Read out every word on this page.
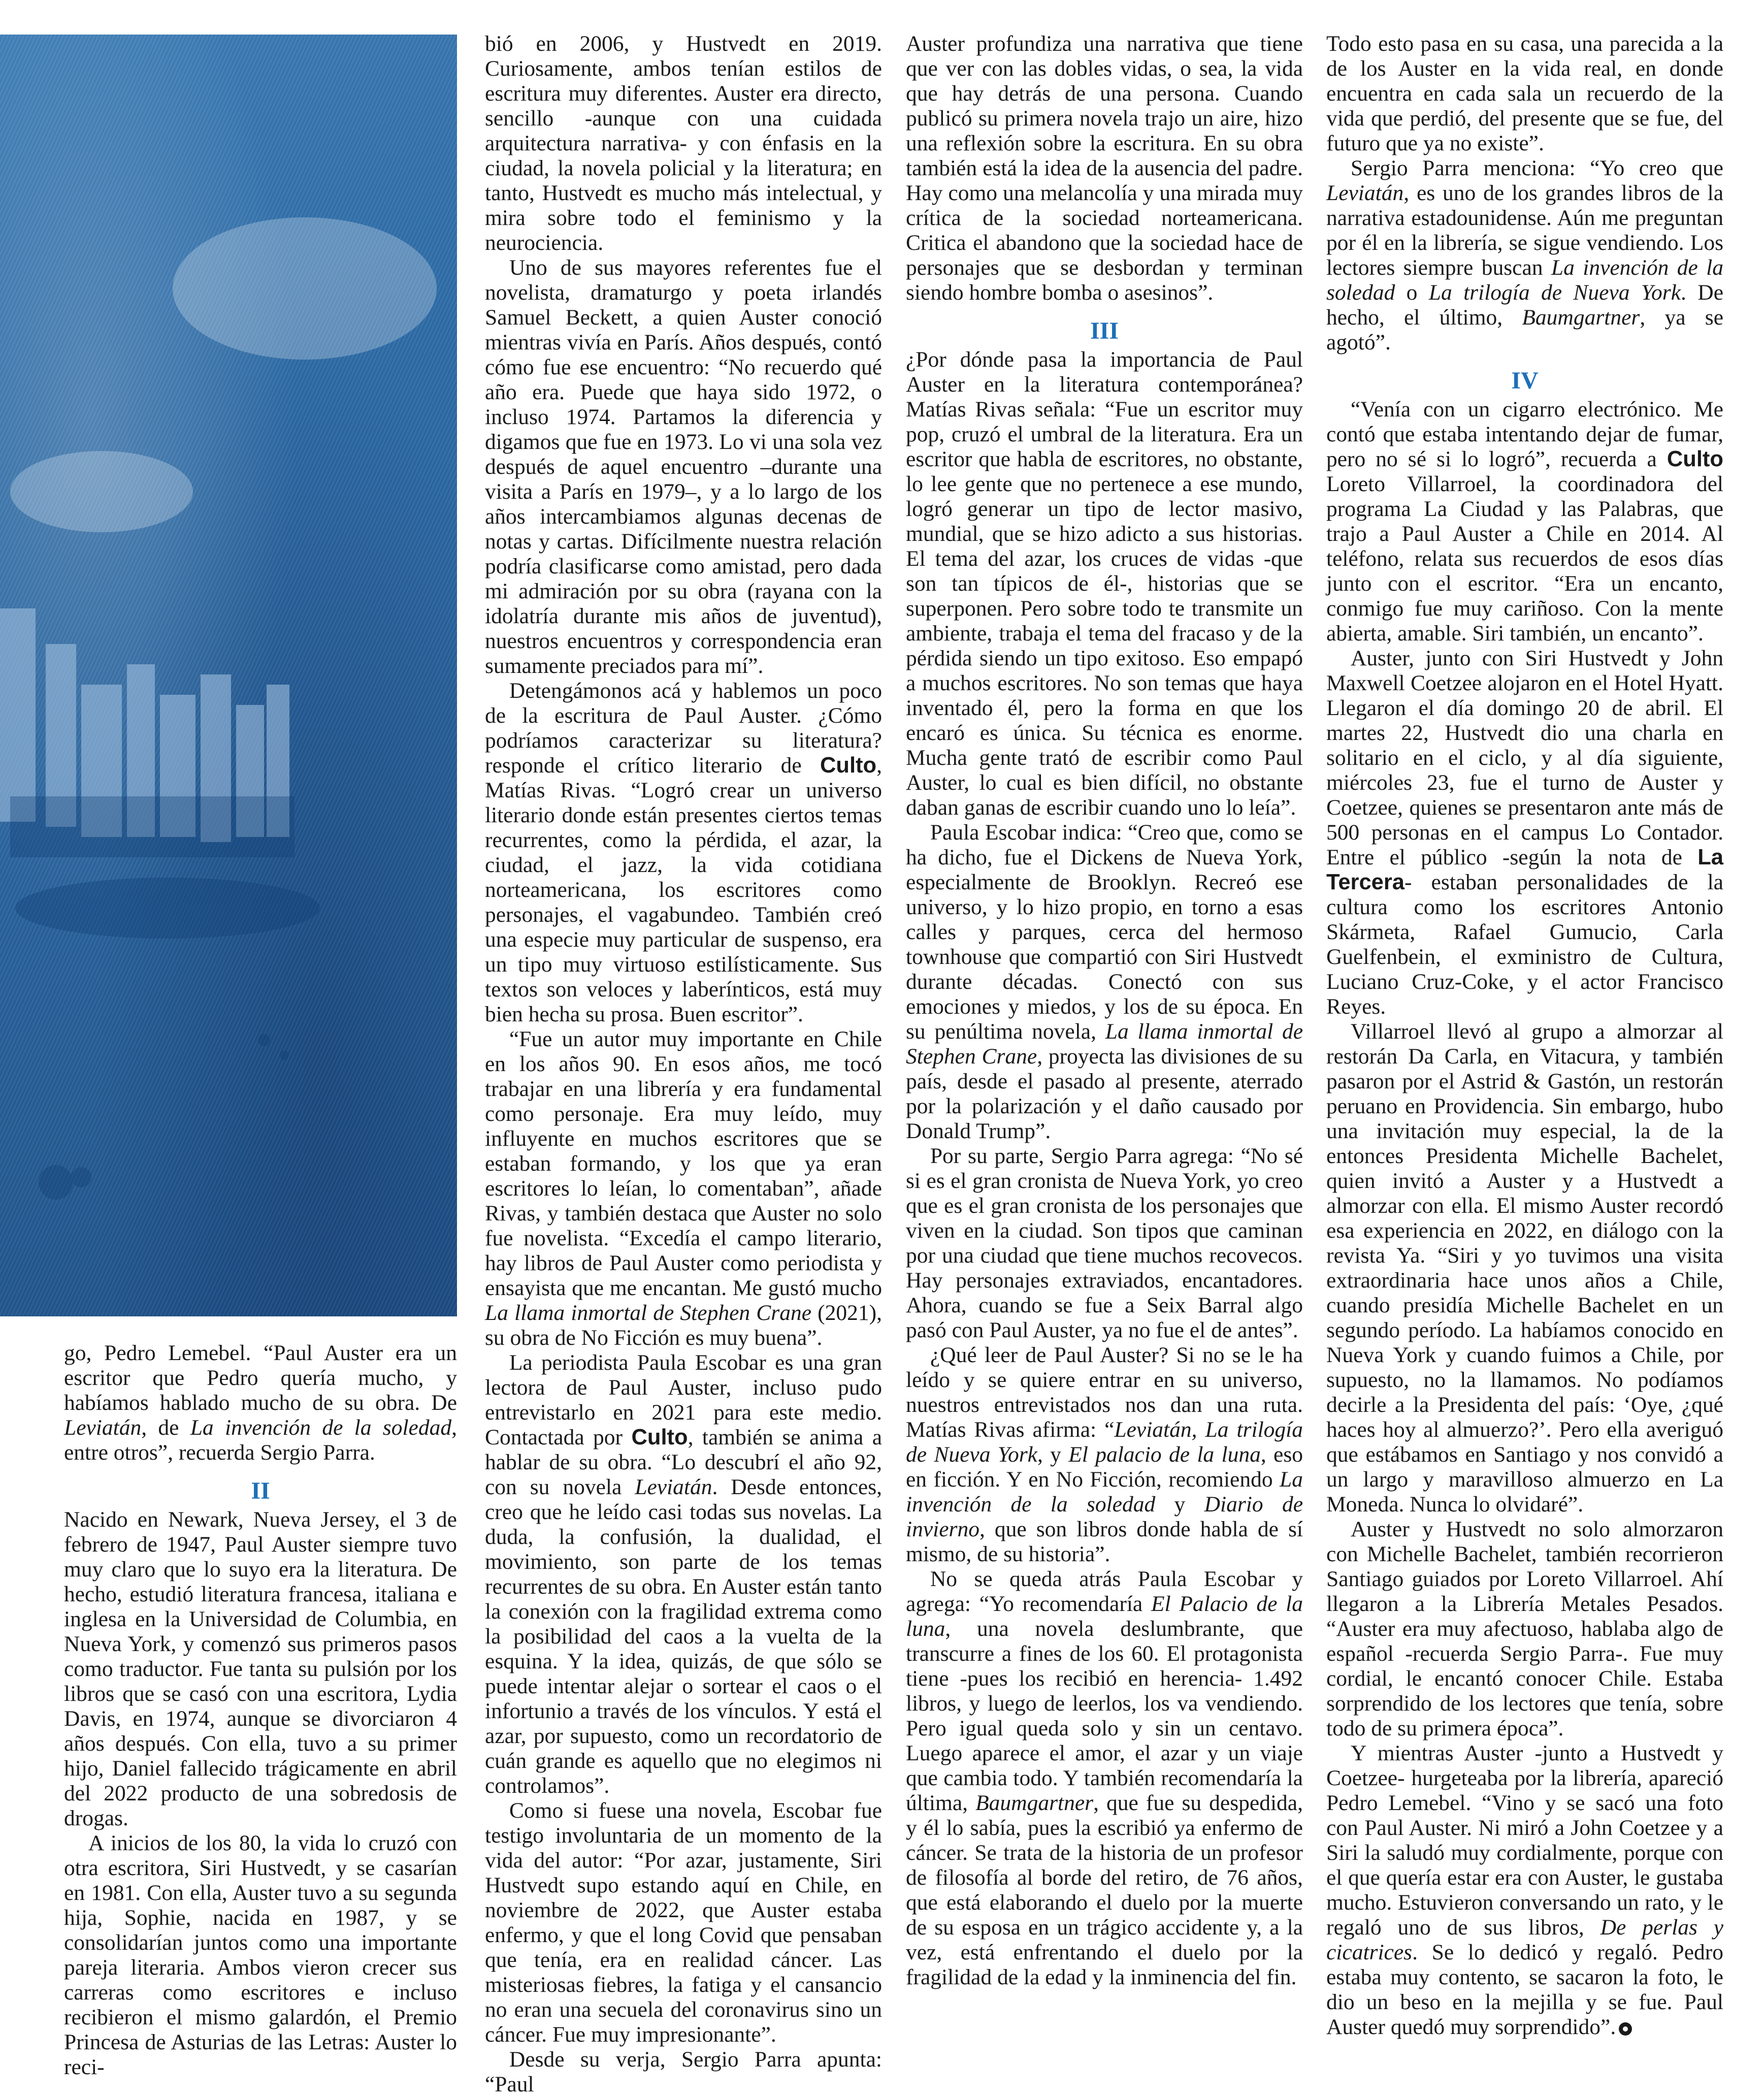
go, Pedro Lemebel. “Paul Auster era un escritor que Pedro quería mucho, y habíamos hablado mucho de su obra. De Leviatán, de La invención de la soledad, entre otros”, recuerda Sergio Parra.

II

Nacido en Newark, Nueva Jersey, el 3 de febrero de 1947, Paul Auster siempre tuvo muy claro que lo suyo era la literatura. De hecho, estudió literatura francesa, italiana e inglesa en la Universidad de Columbia, en Nueva York, y comenzó sus primeros pasos como traductor. Fue tanta su pulsión por los libros que se casó con una escritora, Lydia Davis, en 1974, aunque se divorciaron 4 años después. Con ella, tuvo a su primer hijo, Daniel fallecido trágicamente en abril del 2022 producto de una sobredosis de drogas.

A inicios de los 80, la vida lo cruzó con otra escritora, Siri Hustvedt, y se casarían en 1981. Con ella, Auster tuvo a su segunda hija, Sophie, nacida en 1987, y se consolidarían juntos como una importante pareja literaria. Ambos vieron crecer sus carreras como escritores e incluso recibieron el mismo galardón, el Premio Princesa de Asturias de las Letras: Auster lo reci-

bió en 2006, y Hustvedt en 2019. Curiosamente, ambos tenían estilos de escritura muy diferentes. Auster era directo, sencillo -aunque con una cuidada arquitectura narrativa- y con énfasis en la ciudad, la novela policial y la literatura; en tanto, Hustvedt es mucho más intelectual, y mira sobre todo el feminismo y la neurociencia.

Uno de sus mayores referentes fue el novelista, dramaturgo y poeta irlandés Samuel Beckett, a quien Auster conoció mientras vivía en París. Años después, contó cómo fue ese encuentro: “No recuerdo qué año era. Puede que haya sido 1972, o incluso 1974. Partamos la diferencia y digamos que fue en 1973. Lo vi una sola vez después de aquel encuentro –durante una visita a París en 1979–, y a lo largo de los años intercambiamos algunas decenas de notas y cartas. Difícilmente nuestra relación podría clasificarse como amistad, pero dada mi admiración por su obra (rayana con la idolatría durante mis años de juventud), nuestros encuentros y correspondencia eran sumamente preciados para mí”.

Detengámonos acá y hablemos un poco de la escritura de Paul Auster. ¿Cómo podríamos caracterizar su literatura? responde el crítico literario de Culto, Matías Rivas. “Logró crear un universo literario donde están presentes ciertos temas recurrentes, como la pérdida, el azar, la ciudad, el jazz, la vida cotidiana norteamericana, los escritores como personajes, el vagabundeo. También creó una especie muy particular de suspenso, era un tipo muy virtuoso estilísticamente. Sus textos son veloces y laberínticos, está muy bien hecha su prosa. Buen escritor”.

“Fue un autor muy importante en Chile en los años 90. En esos años, me tocó trabajar en una librería y era fundamental como personaje. Era muy leído, muy influyente en muchos escritores que se estaban formando, y los que ya eran escritores lo leían, lo comentaban”, añade Rivas, y también destaca que Auster no solo fue novelista. “Excedía el campo literario, hay libros de Paul Auster como periodista y ensayista que me encantan. Me gustó mucho La llama inmortal de Stephen Crane (2021), su obra de No Ficción es muy buena”.

La periodista Paula Escobar es una gran lectora de Paul Auster, incluso pudo entrevistarlo en 2021 para este medio. Contactada por Culto, también se anima a hablar de su obra. “Lo descubrí el año 92, con su novela Leviatán. Desde entonces, creo que he leído casi todas sus novelas. La duda, la confusión, la dualidad, el movimiento, son parte de los temas recurrentes de su obra. En Auster están tanto la conexión con la fragilidad extrema como la posibilidad del caos a la vuelta de la esquina. Y la idea, quizás, de que sólo se puede intentar alejar o sortear el caos o el infortunio a través de los vínculos. Y está el azar, por supuesto, como un recordatorio de cuán grande es aquello que no elegimos ni controlamos”.

Como si fuese una novela, Escobar fue testigo involuntaria de un momento de la vida del autor: “Por azar, justamente, Siri Hustvedt supo estando aquí en Chile, en noviembre de 2022, que Auster estaba enfermo, y que el long Covid que pensaban que tenía, era en realidad cáncer. Las misteriosas fiebres, la fatiga y el cansancio no eran una secuela del coronavirus sino un cáncer. Fue muy impresionante”.

Desde su verja, Sergio Parra apunta: “Paul

Auster profundiza una narrativa que tiene que ver con las dobles vidas, o sea, la vida que hay detrás de una persona. Cuando publicó su primera novela trajo un aire, hizo una reflexión sobre la escritura. En su obra también está la idea de la ausencia del padre. Hay como una melancolía y una mirada muy crítica de la sociedad norteamericana. Critica el abandono que la sociedad hace de personajes que se desbordan y terminan siendo hombre bomba o asesinos”.

III

¿Por dónde pasa la importancia de Paul Auster en la literatura contemporánea? Matías Rivas señala: “Fue un escritor muy pop, cruzó el umbral de la literatura. Era un escritor que habla de escritores, no obstante, lo lee gente que no pertenece a ese mundo, logró generar un tipo de lector masivo, mundial, que se hizo adicto a sus historias. El tema del azar, los cruces de vidas -que son tan típicos de él-, historias que se superponen. Pero sobre todo te transmite un ambiente, trabaja el tema del fracaso y de la pérdida siendo un tipo exitoso. Eso empapó a muchos escritores. No son temas que haya inventado él, pero la forma en que los encaró es única. Su técnica es enorme. Mucha gente trató de escribir como Paul Auster, lo cual es bien difícil, no obstante daban ganas de escribir cuando uno lo leía”.

Paula Escobar indica: “Creo que, como se ha dicho, fue el Dickens de Nueva York, especialmente de Brooklyn. Recreó ese universo, y lo hizo propio, en torno a esas calles y parques, cerca del hermoso townhouse que compartió con Siri Hustvedt durante décadas. Conectó con sus emociones y miedos, y los de su época. En su penúltima novela, La llama inmortal de Stephen Crane, proyecta las divisiones de su país, desde el pasado al presente, aterrado por la polarización y el daño causado por Donald Trump”.

Por su parte, Sergio Parra agrega: “No sé si es el gran cronista de Nueva York, yo creo que es el gran cronista de los personajes que viven en la ciudad. Son tipos que caminan por una ciudad que tiene muchos recovecos. Hay personajes extraviados, encantadores. Ahora, cuando se fue a Seix Barral algo pasó con Paul Auster, ya no fue el de antes”.

¿Qué leer de Paul Auster? Si no se le ha leído y se quiere entrar en su universo, nuestros entrevistados nos dan una ruta. Matías Rivas afirma: “Leviatán, La trilogía de Nueva York, y El palacio de la luna, eso en ficción. Y en No Ficción, recomiendo La invención de la soledad y Diario de invierno, que son libros donde habla de sí mismo, de su historia”.

No se queda atrás Paula Escobar y agrega: “Yo recomendaría El Palacio de la luna, una novela deslumbrante, que transcurre a fines de los 60. El protagonista tiene -pues los recibió en herencia- 1.492 libros, y luego de leerlos, los va vendiendo. Pero igual queda solo y sin un centavo. Luego aparece el amor, el azar y un viaje que cambia todo. Y también recomendaría la última, Baumgartner, que fue su despedida, y él lo sabía, pues la escribió ya enfermo de cáncer. Se trata de la historia de un profesor de filosofía al borde del retiro, de 76 años, que está elaborando el duelo por la muerte de su esposa en un trágico accidente y, a la vez, está enfrentando el duelo por la fragilidad de la edad y la inminencia del fin.

Todo esto pasa en su casa, una parecida a la de los Auster en la vida real, en donde encuentra en cada sala un recuerdo de la vida que perdió, del presente que se fue, del futuro que ya no existe”.

Sergio Parra menciona: “Yo creo que Leviatán, es uno de los grandes libros de la narrativa estadounidense. Aún me preguntan por él en la librería, se sigue vendiendo. Los lectores siempre buscan La invención de la soledad o La trilogía de Nueva York. De hecho, el último, Baumgartner, ya se agotó”.

IV

“Venía con un cigarro electrónico. Me contó que estaba intentando dejar de fumar, pero no sé si lo logró”, recuerda a Culto Loreto Villarroel, la coordinadora del programa La Ciudad y las Palabras, que trajo a Paul Auster a Chile en 2014. Al teléfono, relata sus recuerdos de esos días junto con el escritor. “Era un encanto, conmigo fue muy cariñoso. Con la mente abierta, amable. Siri también, un encanto”.

Auster, junto con Siri Hustvedt y John Maxwell Coetzee alojaron en el Hotel Hyatt. Llegaron el día domingo 20 de abril. El martes 22, Hustvedt dio una charla en solitario en el ciclo, y al día siguiente, miércoles 23, fue el turno de Auster y Coetzee, quienes se presentaron ante más de 500 personas en el campus Lo Contador. Entre el público -según la nota de La Tercera- estaban personalidades de la cultura como los escritores Antonio Skármeta, Rafael Gumucio, Carla Guelfenbein, el exministro de Cultura, Luciano Cruz-Coke, y el actor Francisco Reyes.

Villarroel llevó al grupo a almorzar al restorán Da Carla, en Vitacura, y también pasaron por el Astrid & Gastón, un restorán peruano en Providencia. Sin embargo, hubo una invitación muy especial, la de la entonces Presidenta Michelle Bachelet, quien invitó a Auster y a Hustvedt a almorzar con ella. El mismo Auster recordó esa experiencia en 2022, en diálogo con la revista Ya. “Siri y yo tuvimos una visita extraordinaria hace unos años a Chile, cuando presidía Michelle Bachelet en un segundo período. La habíamos conocido en Nueva York y cuando fuimos a Chile, por supuesto, no la llamamos. No podíamos decirle a la Presidenta del país: ‘Oye, ¿qué haces hoy al almuerzo?’. Pero ella averiguó que estábamos en Santiago y nos convidó a un largo y maravilloso almuerzo en La Moneda. Nunca lo olvidaré”.

Auster y Hustvedt no solo almorzaron con Michelle Bachelet, también recorrieron Santiago guiados por Loreto Villarroel. Ahí llegaron a la Librería Metales Pesados. “Auster era muy afectuoso, hablaba algo de español -recuerda Sergio Parra-. Fue muy cordial, le encantó conocer Chile. Estaba sorprendido de los lectores que tenía, sobre todo de su primera época”.

Y mientras Auster -junto a Hustvedt y Coetzee- hurgeteaba por la librería, apareció Pedro Lemebel. “Vino y se sacó una foto con Paul Auster. Ni miró a John Coetzee y a Siri la saludó muy cordialmente, porque con el que quería estar era con Auster, le gustaba mucho. Estuvieron conversando un rato, y le regaló uno de sus libros, De perlas y cicatrices. Se lo dedicó y regaló. Pedro estaba muy contento, se sacaron la foto, le dio un beso en la mejilla y se fue. Paul Auster quedó muy sorprendido”.
